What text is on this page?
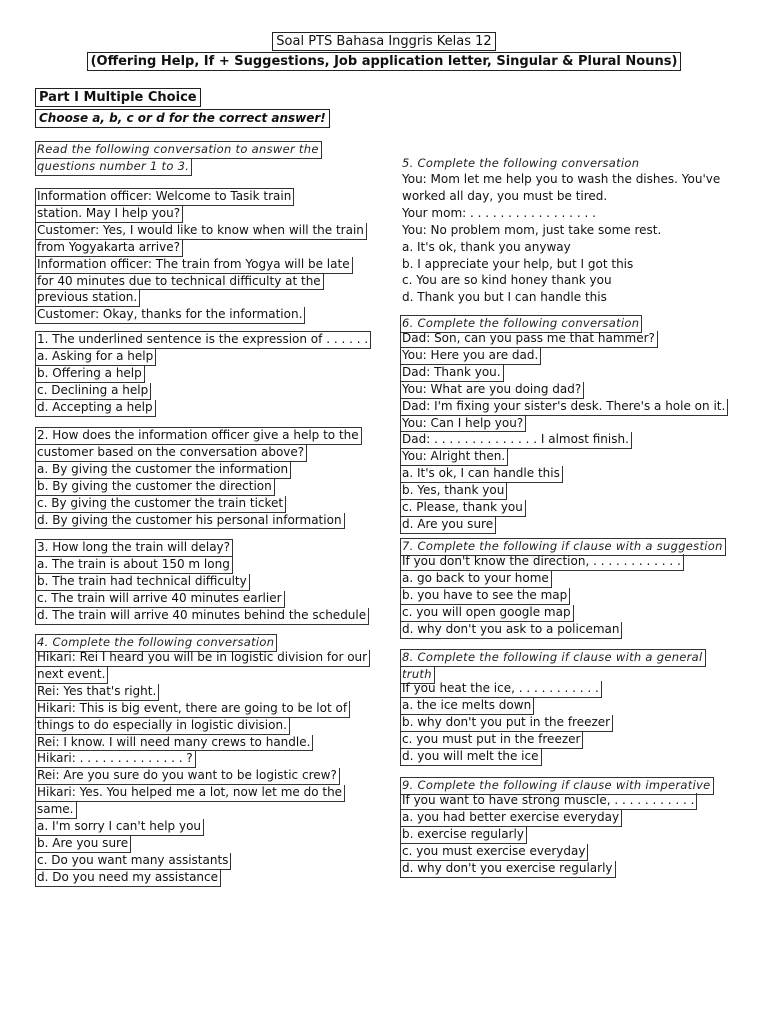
Soal PTS Bahasa Inggris Kelas 12
(Offering Help, If + Suggestions, Job application letter, Singular & Plural Nouns)
Part I Multiple Choice
Choose a, b, c or d for the correct answer!
Read the following conversation to answer the
questions number 1 to 3.
Information officer: Welcome to Tasik train
station. May I help you?
Customer: Yes, I would like to know when will the train
from Yogyakarta arrive?
Information officer: The train from Yogya will be late
for 40 minutes due to technical difficulty at the
previous station.
Customer: Okay, thanks for the information.
1. The underlined sentence is the expression of . . . . . .
a. Asking for a help
b. Offering a help
c. Declining a help
d. Accepting a help
2. How does the information officer give a help to the
customer based on the conversation above?
a. By giving the customer the information
b. By giving the customer the direction
c. By giving the customer the train ticket
d. By giving the customer his personal information
3. How long the train will delay?
a. The train is about 150 m long
b. The train had technical difficulty
c. The train will arrive 40 minutes earlier
d. The train will arrive 40 minutes behind the schedule
4. Complete the following conversation
Hikari: Rei I heard you will be in logistic division for our
next event.
Rei: Yes that's right.
Hikari: This is big event, there are going to be lot of
things to do especially in logistic division.
Rei: I know. I will need many crews to handle.
Hikari: . . . . . . . . . . . . . . ?
Rei: Are you sure do you want to be logistic crew?
Hikari: Yes. You helped me a lot, now let me do the
same.
a. I'm sorry I can't help you
b. Are you sure
c. Do you want many assistants
d. Do you need my assistance
5. Complete the following conversation
You: Mom let me help you to wash the dishes. You've
worked all day, you must be tired.
Your mom: . . . . . . . . . . . . . . . . .
You: No problem mom, just take some rest.
a. It's ok, thank you anyway
b. I appreciate your help, but I got this
c. You are so kind honey thank you
d. Thank you but I can handle this
6. Complete the following conversation
Dad: Son, can you pass me that hammer?
You: Here you are dad.
Dad: Thank you.
You: What are you doing dad?
Dad: I'm fixing your sister's desk. There's a hole on it.
You: Can I help you?
Dad: . . . . . . . . . . . . . . I almost finish.
You: Alright then.
a. It's ok, I can handle this
b. Yes, thank you
c. Please, thank you
d. Are you sure
7. Complete the following if clause with a suggestion
If you don't know the direction, . . . . . . . . . . . .
a. go back to your home
b. you have to see the map
c. you will open google map
d. why don't you ask to a policeman
8. Complete the following if clause with a general
truth
If you heat the ice, . . . . . . . . . . .
a. the ice melts down
b. why don't you put in the freezer
c. you must put in the freezer
d. you will melt the ice
9. Complete the following if clause with imperative
If you want to have strong muscle, . . . . . . . . . . .
a. you had better exercise everyday
b. exercise regularly
c. you must exercise everyday
d. why don't you exercise regularly
